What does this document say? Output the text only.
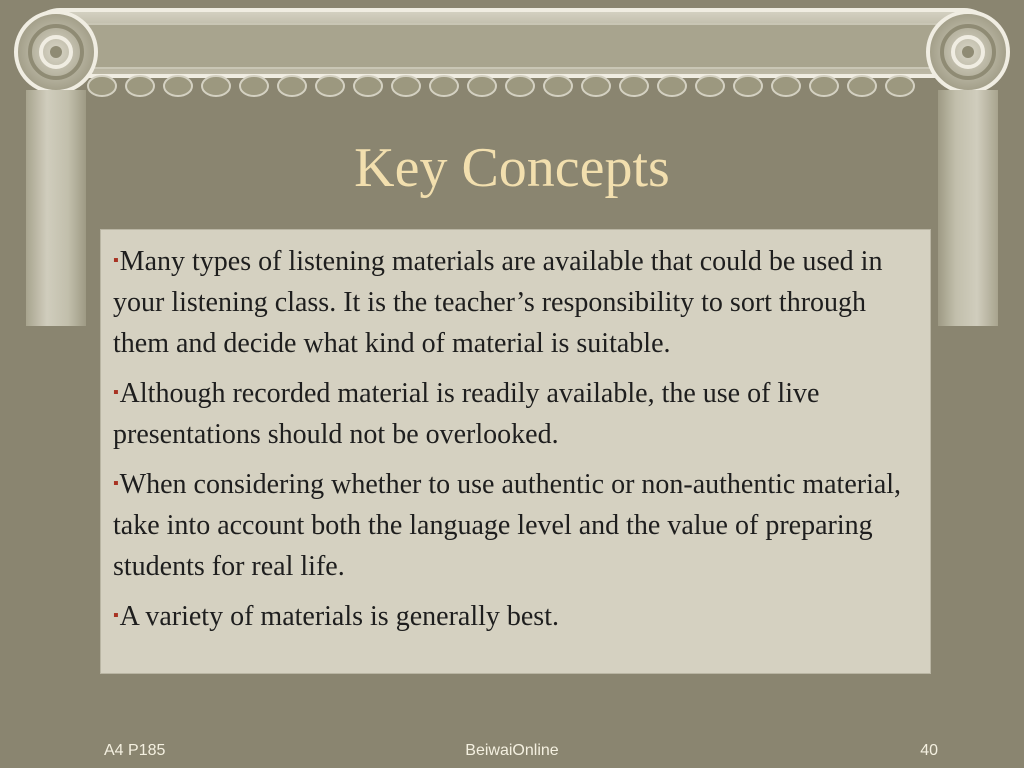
Key Concepts
▪Many types of listening materials are available that could be used in your listening class. It is the teacher’s responsibility to sort through them and decide what kind of material is suitable.
▪Although recorded material is readily available, the use of live presentations should not be overlooked.
▪When considering whether to use authentic or non-authentic material, take into account both the language level and the value of preparing students for real life.
▪A variety of materials is generally best.
A4 P185	BeiwaiOnline	40
